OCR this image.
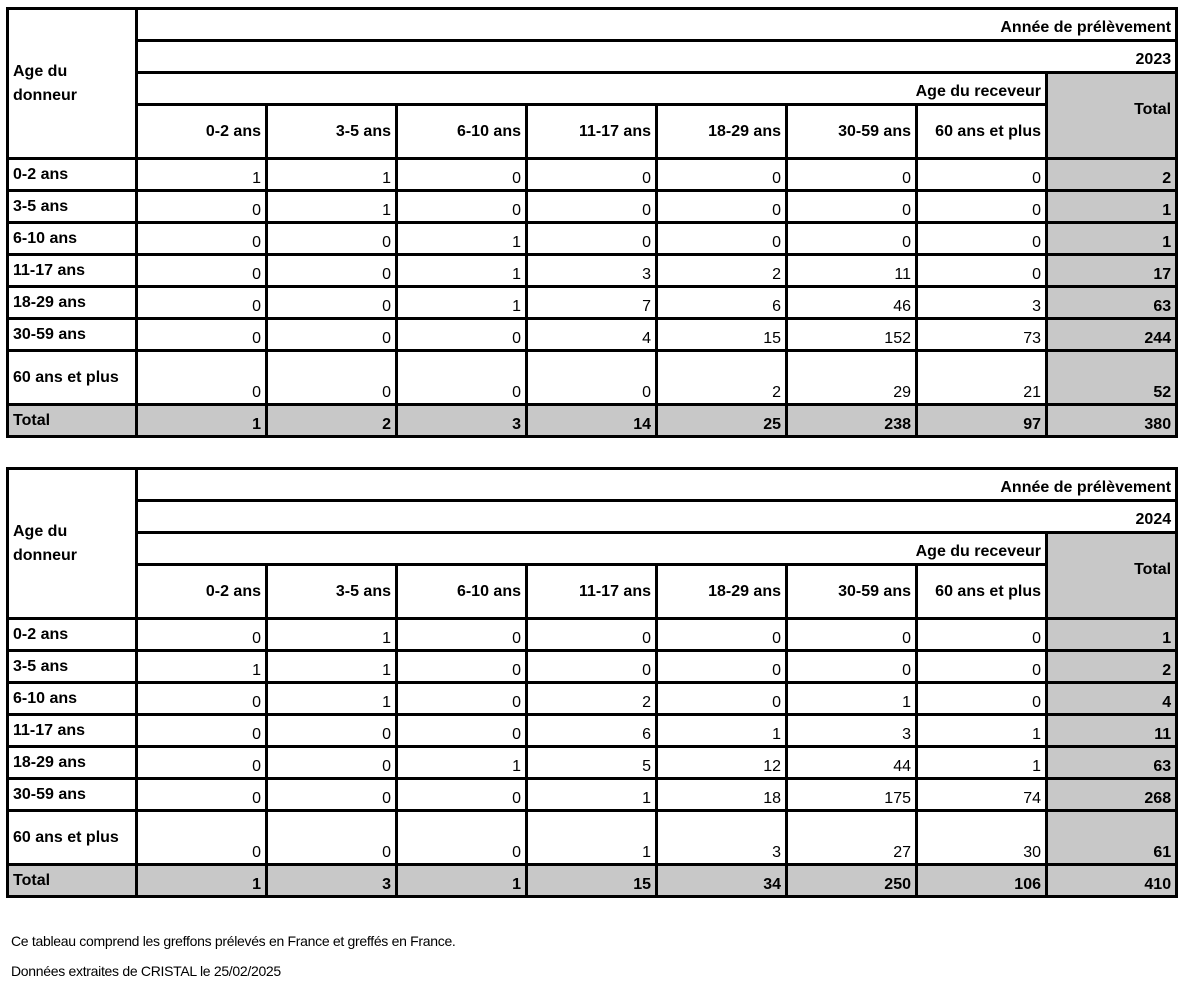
Age du donneur	Année de prélèvement							
	2023							
	Age du receveur							Total
	0-2 ans	3-5 ans	6-10 ans	11-17 ans	18-29 ans	30-59 ans	60 ans et plus	
0-2 ans	1	1	0	0	0	0	0	2
3-5 ans	0	1	0	0	0	0	0	1
6-10 ans	0	0	1	0	0	0	0	1
11-17 ans	0	0	1	3	2	11	0	17
18-29 ans	0	0	1	7	6	46	3	63
30-59 ans	0	0	0	4	15	152	73	244
60 ans et plus	0	0	0	0	2	29	21	52
Total	1	2	3	14	25	238	97	380
Age du donneur	Année de prélèvement							
	2024							
	Age du receveur							Total
	0-2 ans	3-5 ans	6-10 ans	11-17 ans	18-29 ans	30-59 ans	60 ans et plus	
0-2 ans	0	1	0	0	0	0	0	1
3-5 ans	1	1	0	0	0	0	0	2
6-10 ans	0	1	0	2	0	1	0	4
11-17 ans	0	0	0	6	1	3	1	11
18-29 ans	0	0	1	5	12	44	1	63
30-59 ans	0	0	0	1	18	175	74	268
60 ans et plus	0	0	0	1	3	27	30	61
Total	1	3	1	15	34	250	106	410
Ce tableau comprend les greffons prélevés en France et greffés en France.
Données extraites de CRISTAL le 25/02/2025
